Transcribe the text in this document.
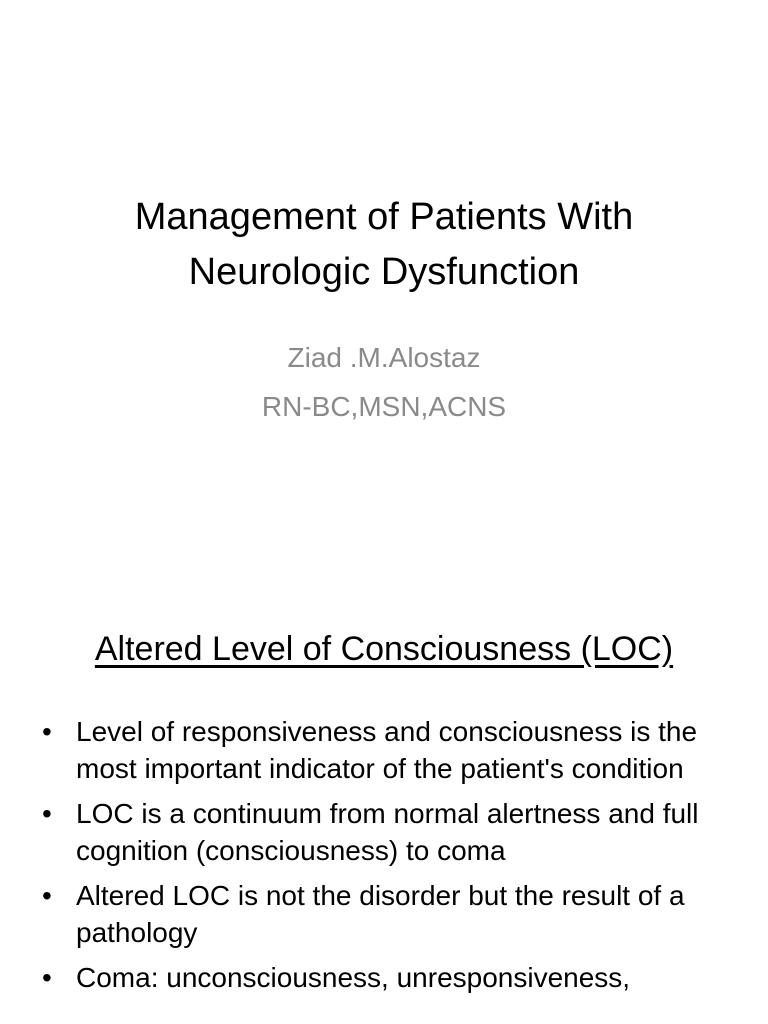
Management of Patients With
Neurologic Dysfunction
Ziad .M.Alostaz
RN-BC,MSN,ACNS
Altered Level of Consciousness (LOC)
• Level of responsiveness and consciousness is the most important indicator of the patient's condition
• LOC is a continuum from normal alertness and full cognition (consciousness) to coma
• Altered LOC is not the disorder but the result of a pathology
• Coma: unconsciousness, unresponsiveness,
